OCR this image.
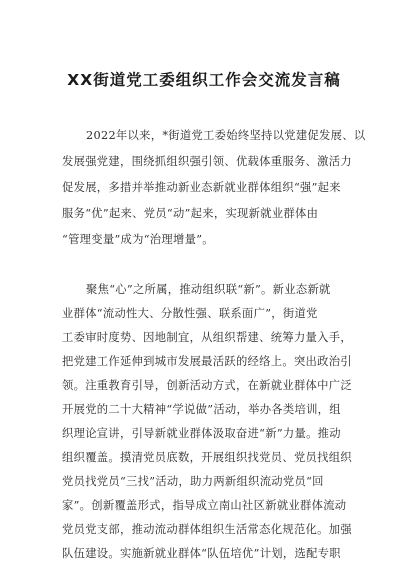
XX街道党工委组织工作会交流发言稿
2022年以来，*街道党工委始终坚持以党建促发展、以
发展强党建，围绕抓组织强引领、优载体重服务、激活力
促发展，多措并举推动新业态新就业群体组织“强”起来
服务“优”起来、党员“动”起来，实现新就业群体由
“管理变量”成为“治理增量”。
聚焦“心”之所属，推动组织联“新”。新业态新就
业群体“流动性大、分散性强、联系面广”，街道党
工委审时度势、因地制宜，从组织帮建、统筹力量入手，
把党建工作延伸到城市发展最活跃的经络上。突出政治引
领。注重教育引导，创新活动方式，在新就业群体中广泛
开展党的二十大精神“学说做”活动，举办各类培训，组
织理论宣讲，引导新就业群体汲取奋进“新”力量。推动
组织覆盖。摸清党员底数，开展组织找党员、党员找组织
党员找党员“三找”活动，助力两新组织流动党员“回
家”。创新覆盖形式，指导成立南山社区新就业群体流动
党员党支部，推动流动群体组织生活常态化规范化。加强
队伍建设。实施新就业群体“队伍培优”计划，选配专职
